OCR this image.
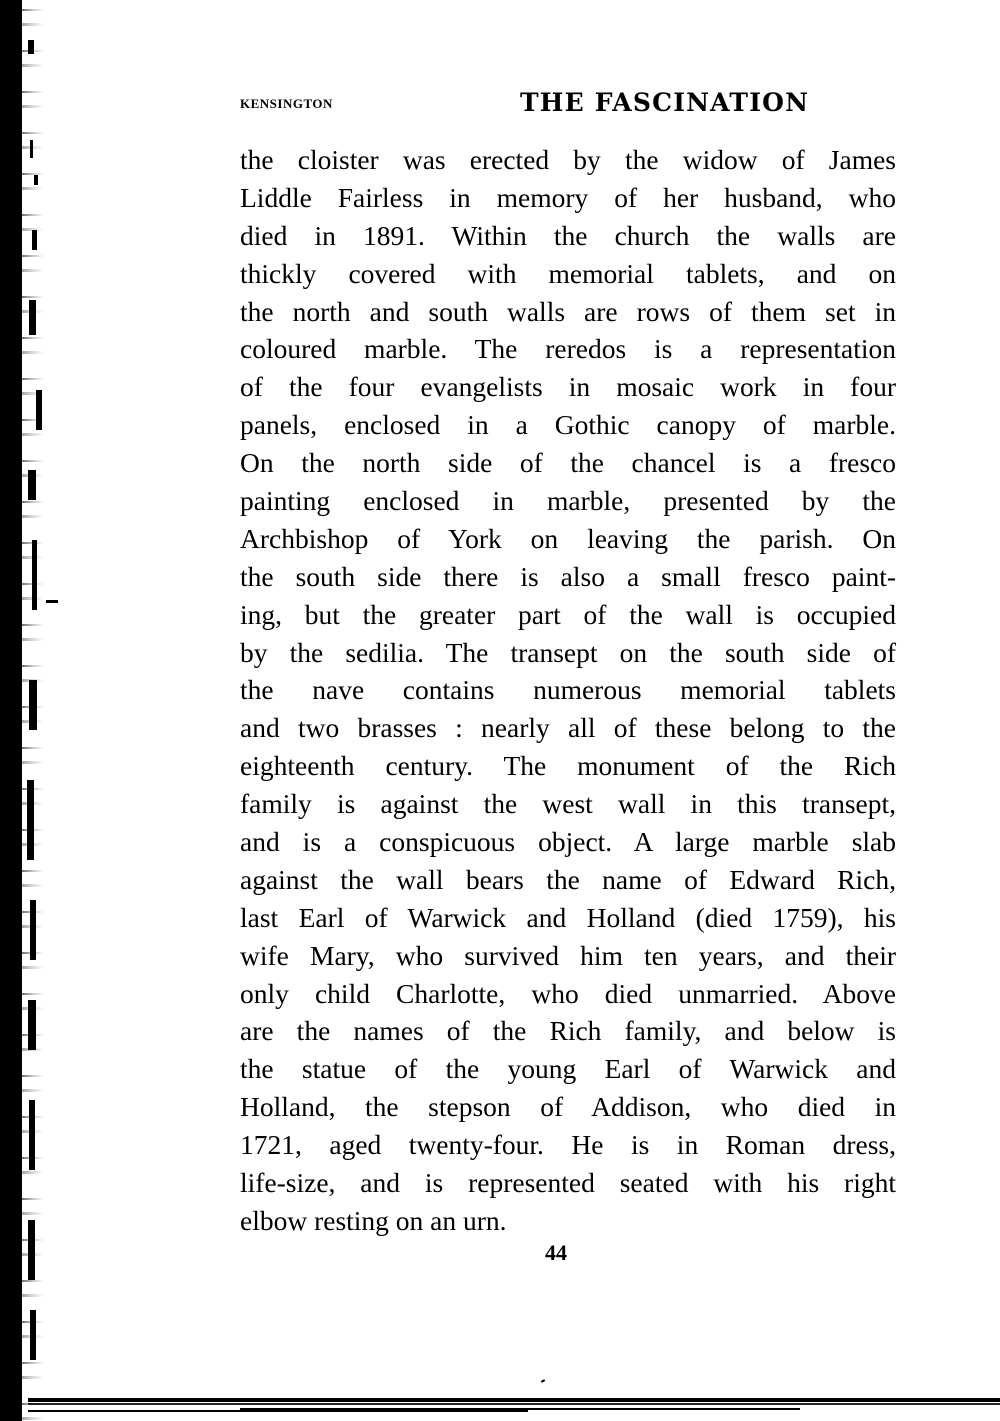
KENSINGTON	THE FASCINATION
the cloister was erected by the widow of James
Liddle Fairless in memory of her husband, who
died in 1891. Within the church the walls are
thickly covered with memorial tablets, and on
the north and south walls are rows of them set in
coloured marble. The reredos is a representation
of the four evangelists in mosaic work in four
panels, enclosed in a Gothic canopy of marble.
On the north side of the chancel is a fresco
painting enclosed in marble, presented by the
Archbishop of York on leaving the parish. On
the south side there is also a small fresco paint-
ing, but the greater part of the wall is occupied
by the sedilia. The transept on the south side of
the nave contains numerous memorial tablets
and two brasses : nearly all of these belong to the
eighteenth century. The monument of the Rich
family is against the west wall in this transept,
and is a conspicuous object. A large marble slab
against the wall bears the name of Edward Rich,
last Earl of Warwick and Holland (died 1759), his
wife Mary, who survived him ten years, and their
only child Charlotte, who died unmarried. Above
are the names of the Rich family, and below is
the statue of the young Earl of Warwick and
Holland, the stepson of Addison, who died in
1721, aged twenty-four. He is in Roman dress,
life-size, and is represented seated with his right
elbow resting on an urn.
44
